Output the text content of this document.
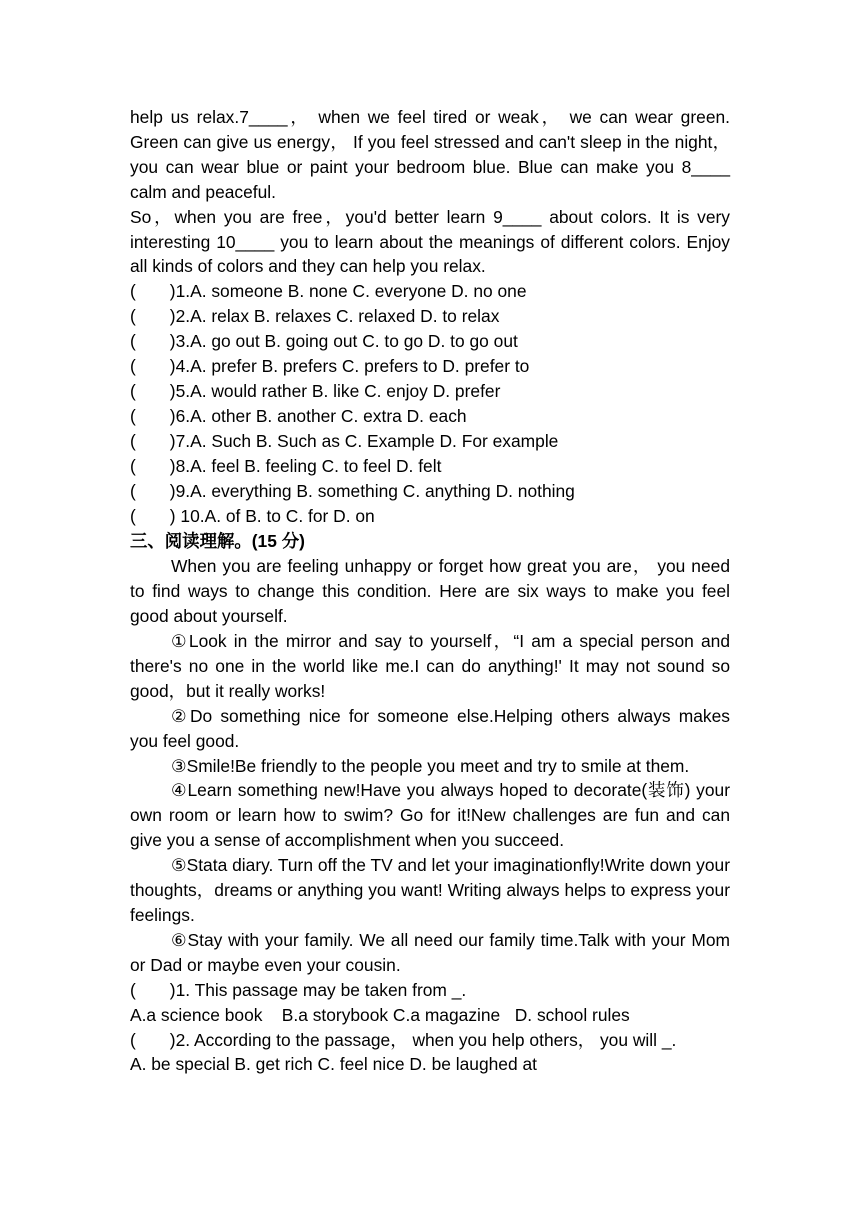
help us relax.7____， when we feel tired or weak， we can wear green. Green can give us energy， If you feel stressed and can't sleep in the night，you can wear blue or paint your bedroom blue. Blue can make you 8____ calm and peaceful.

So，when you are free，you'd better learn 9____ about colors. It is very interesting 10____ you to learn about the meanings of different colors. Enjoy all kinds of colors and they can help you relax.

( )1.A. someone B. none C. everyone D. no one
( )2.A. relax B. relaxes C. relaxed D. to relax
( )3.A. go out B. going out C. to go D. to go out
( )4.A. prefer B. prefers C. prefers to D. prefer to
( )5.A. would rather B. like C. enjoy D. prefer
( )6.A. other B. another C. extra D. each
( )7.A. Such B. Such as C. Example D. For example
( )8.A. feel B. feeling C. to feel D. felt
( )9.A. everything B. something C. anything D. nothing
( ) 10.A. of B. to C. for D. on

三、阅读理解。(15 分)

When you are feeling unhappy or forget how great you are， you need to find ways to change this condition. Here are six ways to make you feel good about yourself.

①Look in the mirror and say to yourself，“I am a special person and there's no one in the world like me.I can do anything!' It may not sound so good，but it really works!

②Do something nice for someone else.Helping others always makes you feel good.

③Smile!Be friendly to the people you meet and try to smile at them.

④Learn something new!Have you always hoped to decorate(装饰) your own room or learn how to swim? Go for it!New challenges are fun and can give you a sense of accomplishment when you succeed.

⑤Stata diary. Turn off the TV and let your imaginationfly!Write down your thoughts，dreams or anything you want! Writing always helps to express your feelings.

⑥Stay with your family. We all need our family time.Talk with your Mom or Dad or maybe even your cousin.

( )1. This passage may be taken from _.
A.a science book    B.a storybook C.a magazine   D. school rules
( )2. According to the passage， when you help others， you will _.
A. be special B. get rich C. feel nice D. be laughed at
